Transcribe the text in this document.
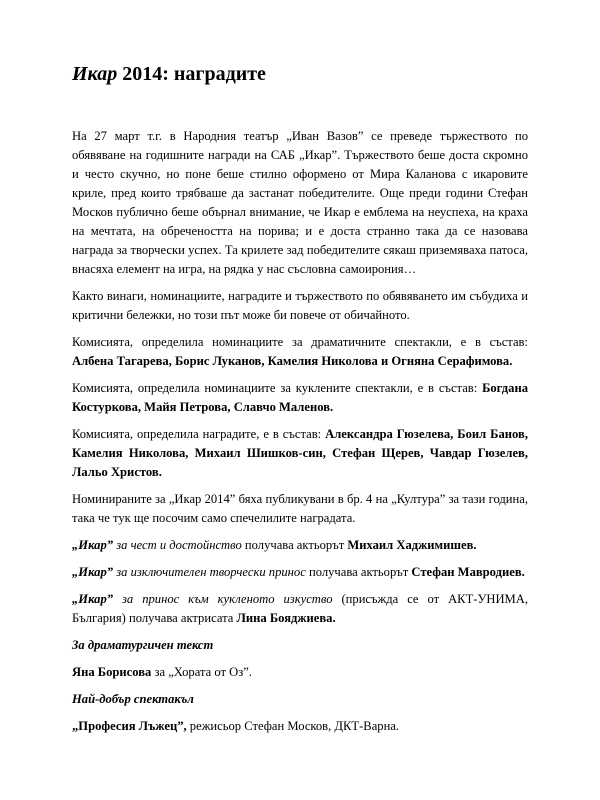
Икар 2014: наградите

На 27 март т.г. в Народния театър „Иван Вазов” се преведе тържеството по обявяване на годишните награди на САБ „Икар”. Тържеството беше доста скромно и често скучно, но поне беше стилно оформено от Мира Каланова с икаровите криле, пред които трябваше да застанат победителите. Още преди години Стефан Москов публично беше обърнал внимание, че Икар е емблема на неуспеха, на краха на мечтата, на обречеността на порива; и е доста странно така да се назовава награда за творчески успех. Та крилете зад победителите сякаш приземяваха патоса, внасяха елемент на игра, на рядка у нас съсловна самоирония…

Както винаги, номинациите, наградите и тържеството по обявяването им събудиха и критични бележки, но този път може би повече от обичайното.

Комисията, определила номинациите за драматичните спектакли, е в състав: Албена Тагарева, Борис Луканов, Камелия Николова и Огняна Серафимова.

Комисията, определила номинациите за куклените спектакли, е в състав: Богдана Костуркова, Майя Петрова, Славчо Маленов.

Комисията, определила наградите, е в състав: Александра Гюзелева, Боил Банов, Камелия Николова, Михаил Шишков-син, Стефан Щерев, Чавдар Гюзелев, Лальо Христов.

Номинираните за „Икар 2014” бяха публикувани в бр. 4 на „Култура” за тази година, така че тук ще посочим само спечелилите наградата.

„Икар” за чест и достойнство получава актьорът Михаил Хаджимишев.

„Икар” за изключителен творчески принос получава актьорът Стефан Мавродиев.

„Икар” за принос към кукленото изкуство (присъжда се от АКТ-УНИМА, България) получава актрисата Лина Бояджиева.

За драматургичен текст

Яна Борисова за „Хората от Оз”.

Най-добър спектакъл

„Професия Лъжец”, режисьор Стефан Москов, ДКТ-Варна.
